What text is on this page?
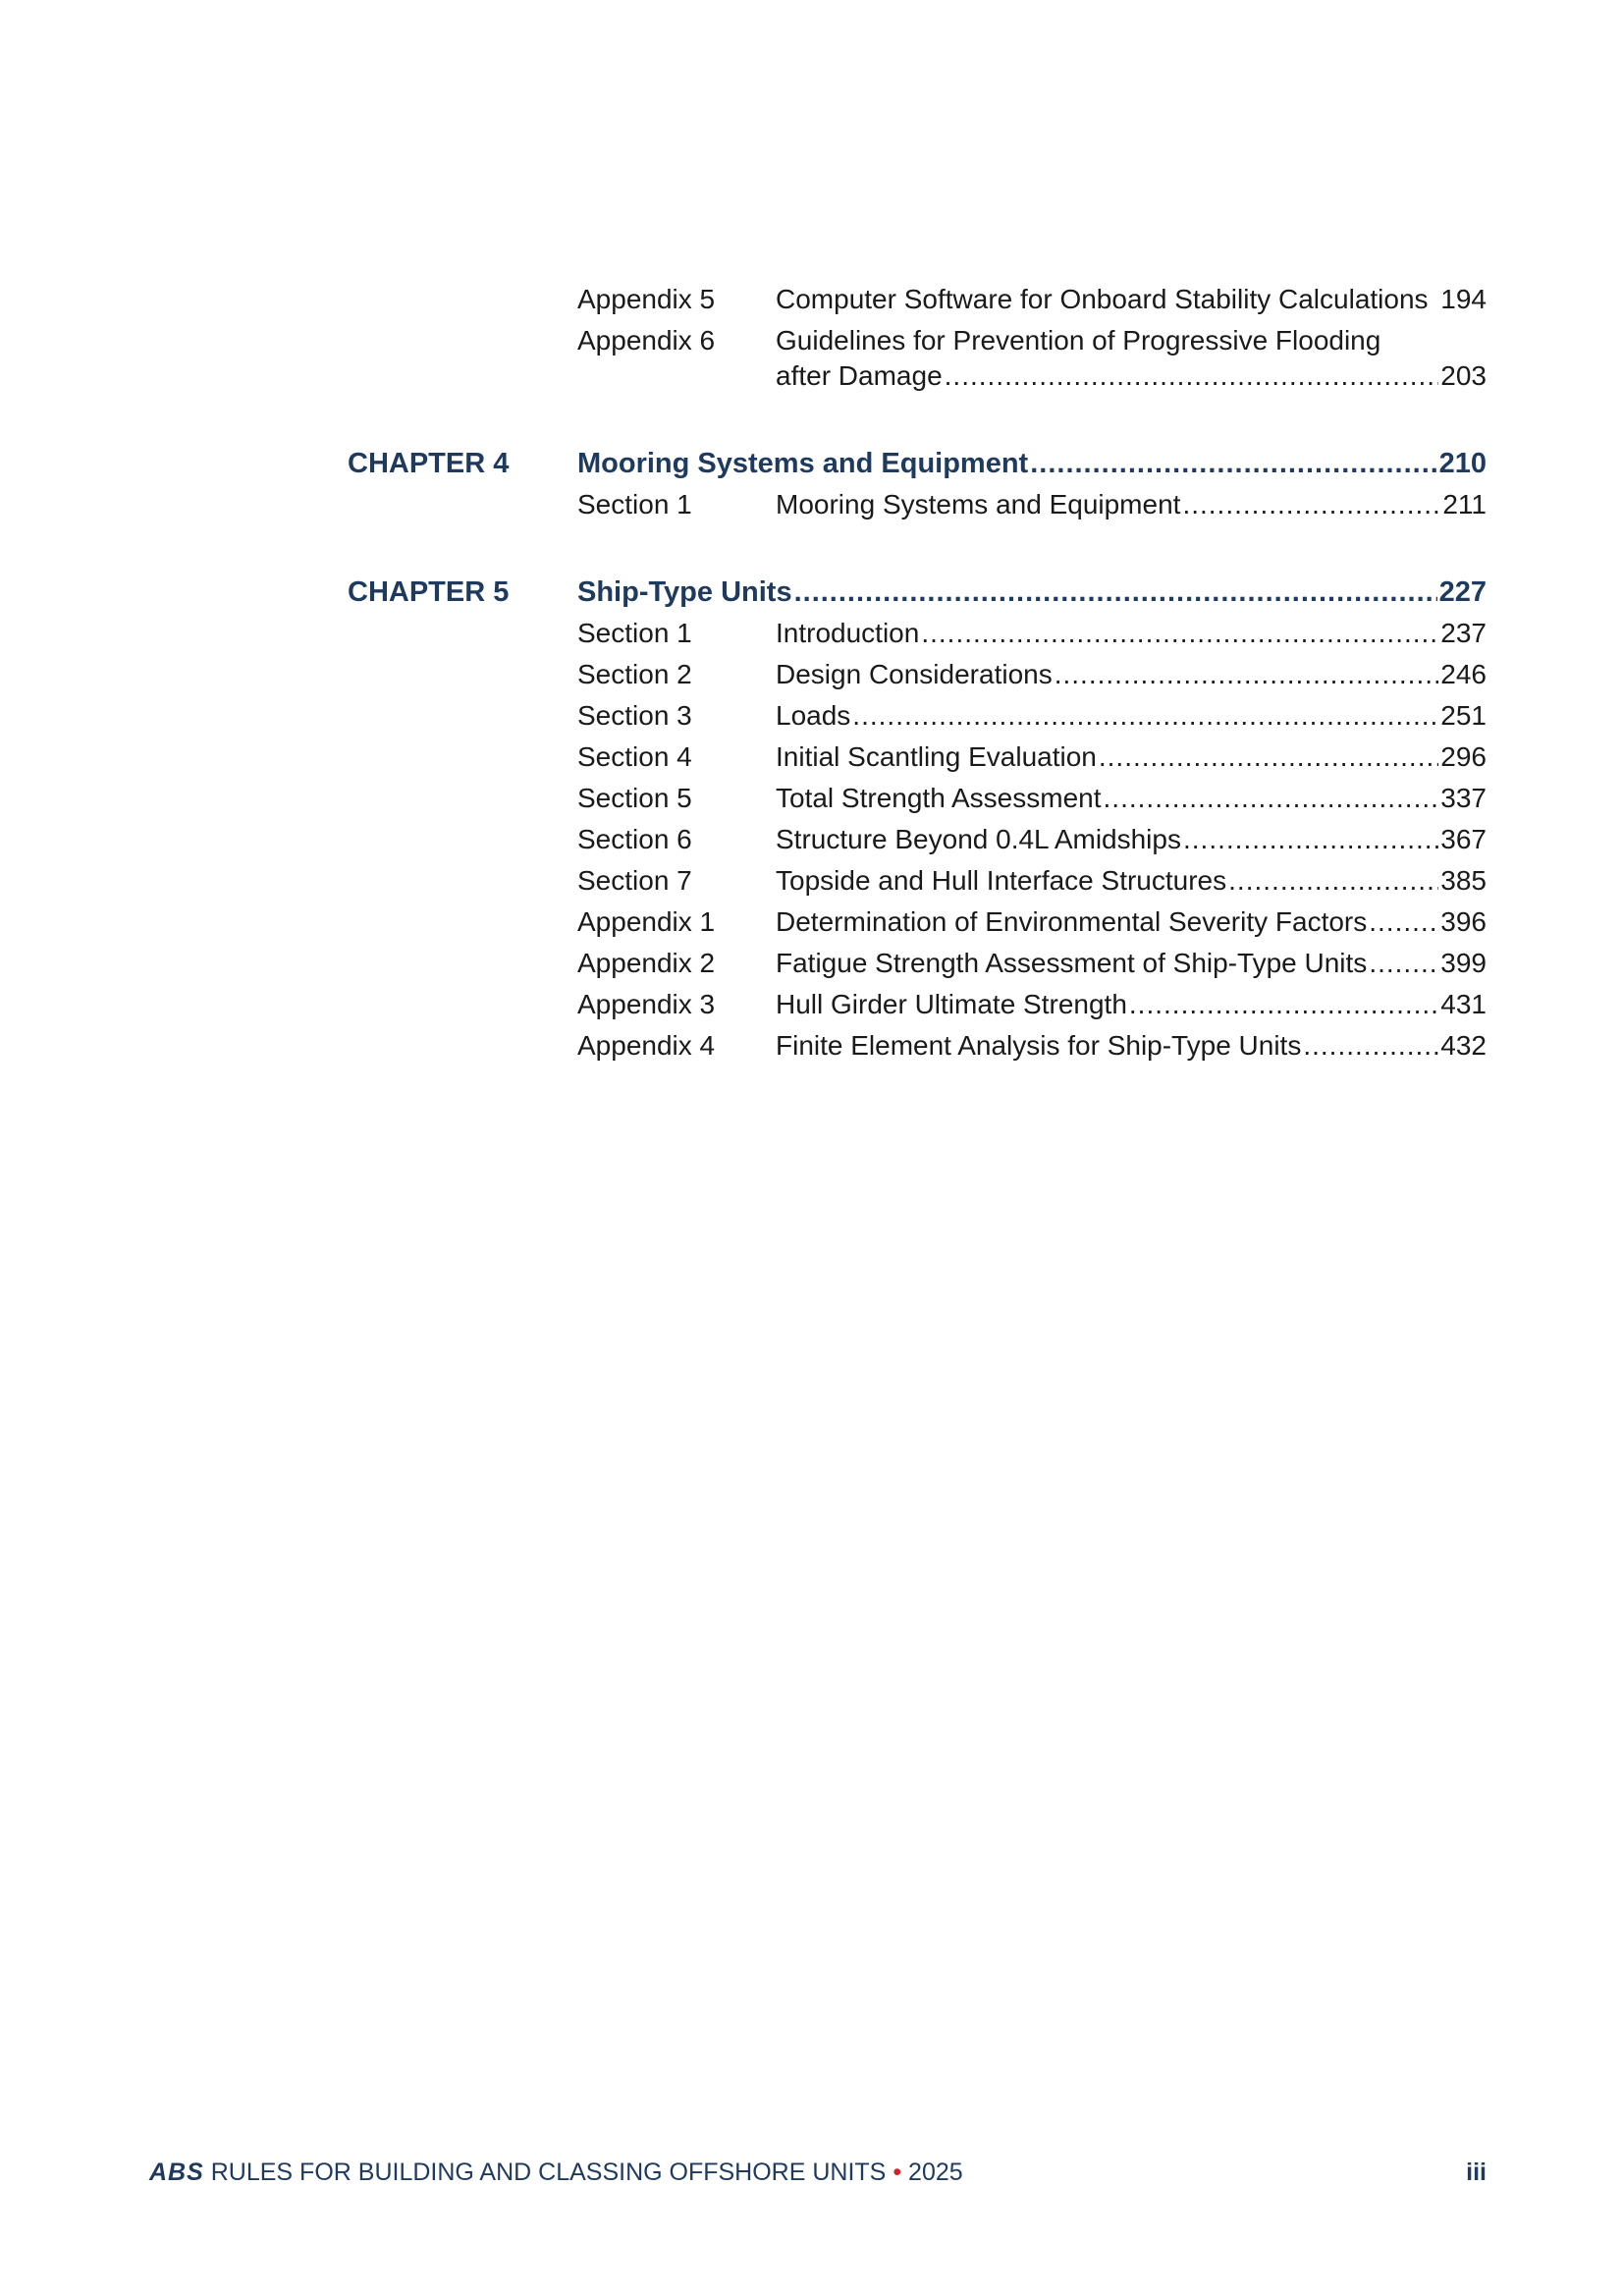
Appendix 5 Computer Software for Onboard Stability Calculations 194
Appendix 6 Guidelines for Prevention of Progressive Flooding
after Damage .....	203
CHAPTER 4 Mooring Systems and Equipment .....	210
Section 1	Mooring Systems and Equipment .....	211
CHAPTER 5 Ship-Type Units .....	227
Section 1	Introduction .....	237
Section 2	Design Considerations .....	246
Section 3	Loads .....	251
Section 4	Initial Scantling Evaluation .....	296
Section 5	Total Strength Assessment .....	337
Section 6	Structure Beyond 0.4L Amidships .....	367
Section 7	Topside and Hull Interface Structures .....	385
Appendix 1 Determination of Environmental Severity Factors .....	396
Appendix 2 Fatigue Strength Assessment of Ship-Type Units .....	399
Appendix 3 Hull Girder Ultimate Strength .....	431
Appendix 4 Finite Element Analysis for Ship-Type Units .....	432
ABS RULES FOR BUILDING AND CLASSING OFFSHORE UNITS • 2025	iii
